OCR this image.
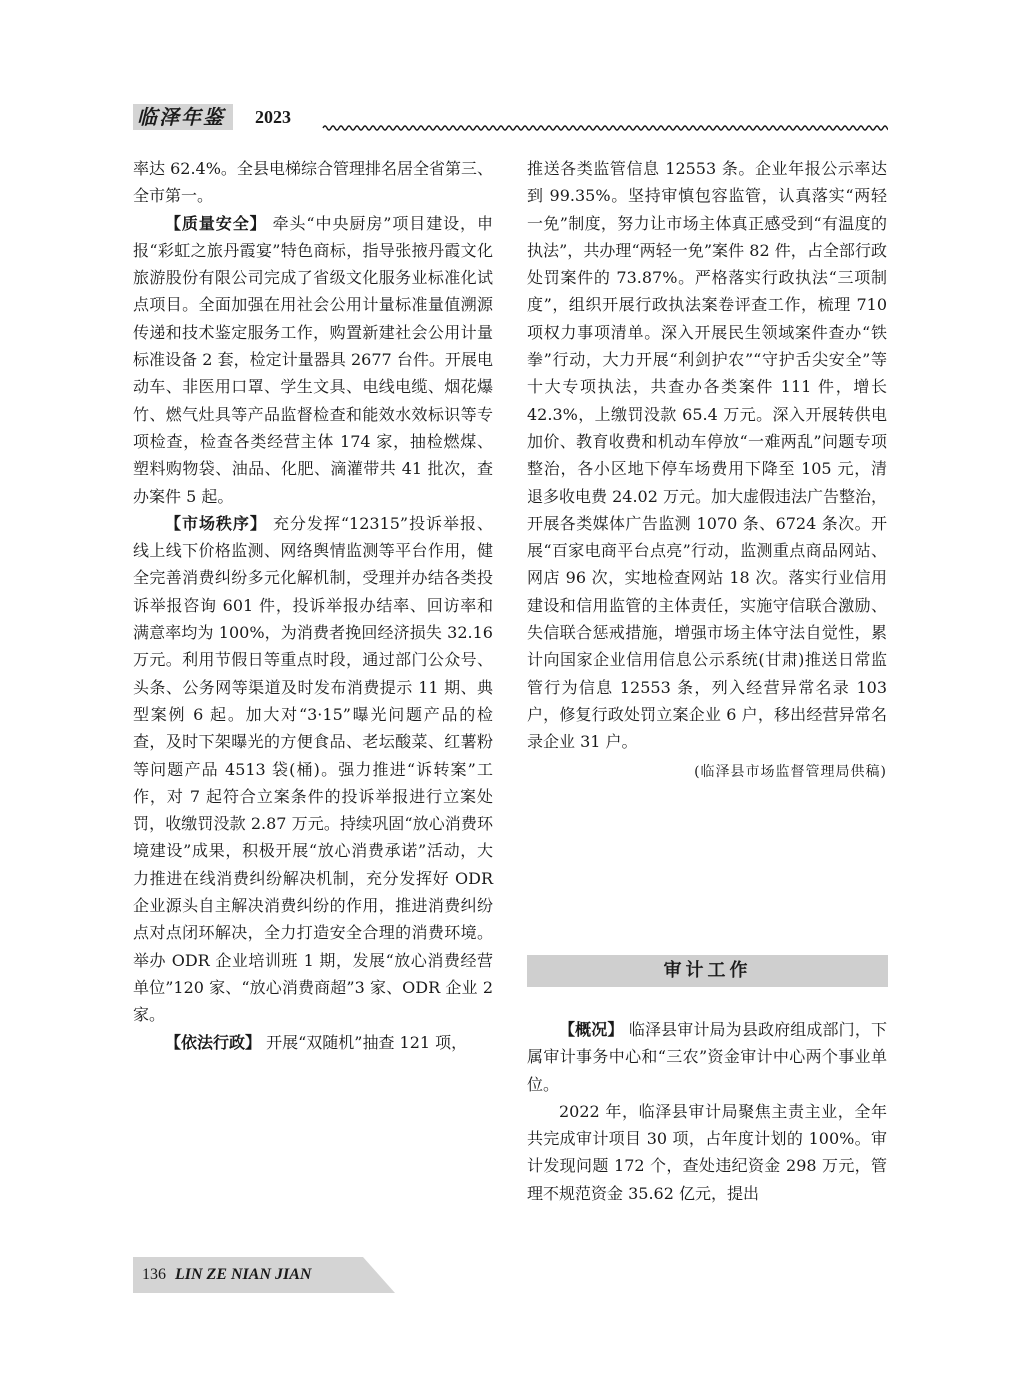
临泽年鉴	2023

率达 62.4%。全县电梯综合管理排名居全省第三、全市第一。

【质量安全】 牵头“中央厨房”项目建设，申报“彩虹之旅丹霞宴”特色商标，指导张掖丹霞文化旅游股份有限公司完成了省级文化服务业标准化试点项目。全面加强在用社会公用计量标准量值溯源传递和技术鉴定服务工作，购置新建社会公用计量标准设备 2 套，检定计量器具 2677 台件。开展电动车、非医用口罩、学生文具、电线电缆、烟花爆竹、燃气灶具等产品监督检查和能效水效标识等专项检查，检查各类经营主体 174 家，抽检燃煤、塑料购物袋、油品、化肥、滴灌带共 41 批次，查办案件 5 起。

【市场秩序】 充分发挥“12315”投诉举报、线上线下价格监测、网络舆情监测等平台作用，健全完善消费纠纷多元化解机制，受理并办结各类投诉举报咨询 601 件，投诉举报办结率、回访率和满意率均为 100%，为消费者挽回经济损失 32.16 万元。利用节假日等重点时段，通过部门公众号、头条、公务网等渠道及时发布消费提示 11 期、典型案例 6 起。加大对“3·15”曝光问题产品的检查，及时下架曝光的方便食品、老坛酸菜、红薯粉等问题产品 4513 袋(桶)。强力推进“诉转案”工作，对 7 起符合立案条件的投诉举报进行立案处罚，收缴罚没款 2.87 万元。持续巩固“放心消费环境建设”成果，积极开展“放心消费承诺”活动，大力推进在线消费纠纷解决机制，充分发挥好 ODR 企业源头自主解决消费纠纷的作用，推进消费纠纷点对点闭环解决，全力打造安全合理的消费环境。举办 ODR 企业培训班 1 期，发展“放心消费经营单位”120 家、“放心消费商超”3 家、ODR 企业 2 家。

【依法行政】 开展“双随机”抽查 121 项，

推送各类监管信息 12553 条。企业年报公示率达到 99.35%。坚持审慎包容监管，认真落实“两轻一免”制度，努力让市场主体真正感受到“有温度的执法”，共办理“两轻一免”案件 82 件，占全部行政处罚案件的 73.87%。严格落实行政执法“三项制度”，组织开展行政执法案卷评查工作，梳理 710 项权力事项清单。深入开展民生领域案件查办“铁拳”行动，大力开展“利剑护农”“守护舌尖安全”等十大专项执法，共查办各类案件 111 件，增长 42.3%，上缴罚没款 65.4 万元。深入开展转供电加价、教育收费和机动车停放“一难两乱”问题专项整治，各小区地下停车场费用下降至 105 元，清退多收电费 24.02 万元。加大虚假违法广告整治，开展各类媒体广告监测 1070 条、6724 条次。开展“百家电商平台点亮”行动，监测重点商品网站、网店 96 次，实地检查网站 18 次。落实行业信用建设和信用监管的主体责任，实施守信联合激励、失信联合惩戒措施，增强市场主体守法自觉性，累计向国家企业信用信息公示系统(甘肃)推送日常监管行为信息 12553 条，列入经营异常名录 103 户，修复行政处罚立案企业 6 户，移出经营异常名录企业 31 户。

(临泽县市场监督管理局供稿)
审计工作

【概况】 临泽县审计局为县政府组成部门，下属审计事务中心和“三农”资金审计中心两个事业单位。

2022 年，临泽县审计局聚焦主责主业，全年共完成审计项目 30 项，占年度计划的 100%。审计发现问题 172 个，查处违纪资金 298 万元，管理不规范资金 35.62 亿元，提出

136 LIN ZE NIAN JIAN
